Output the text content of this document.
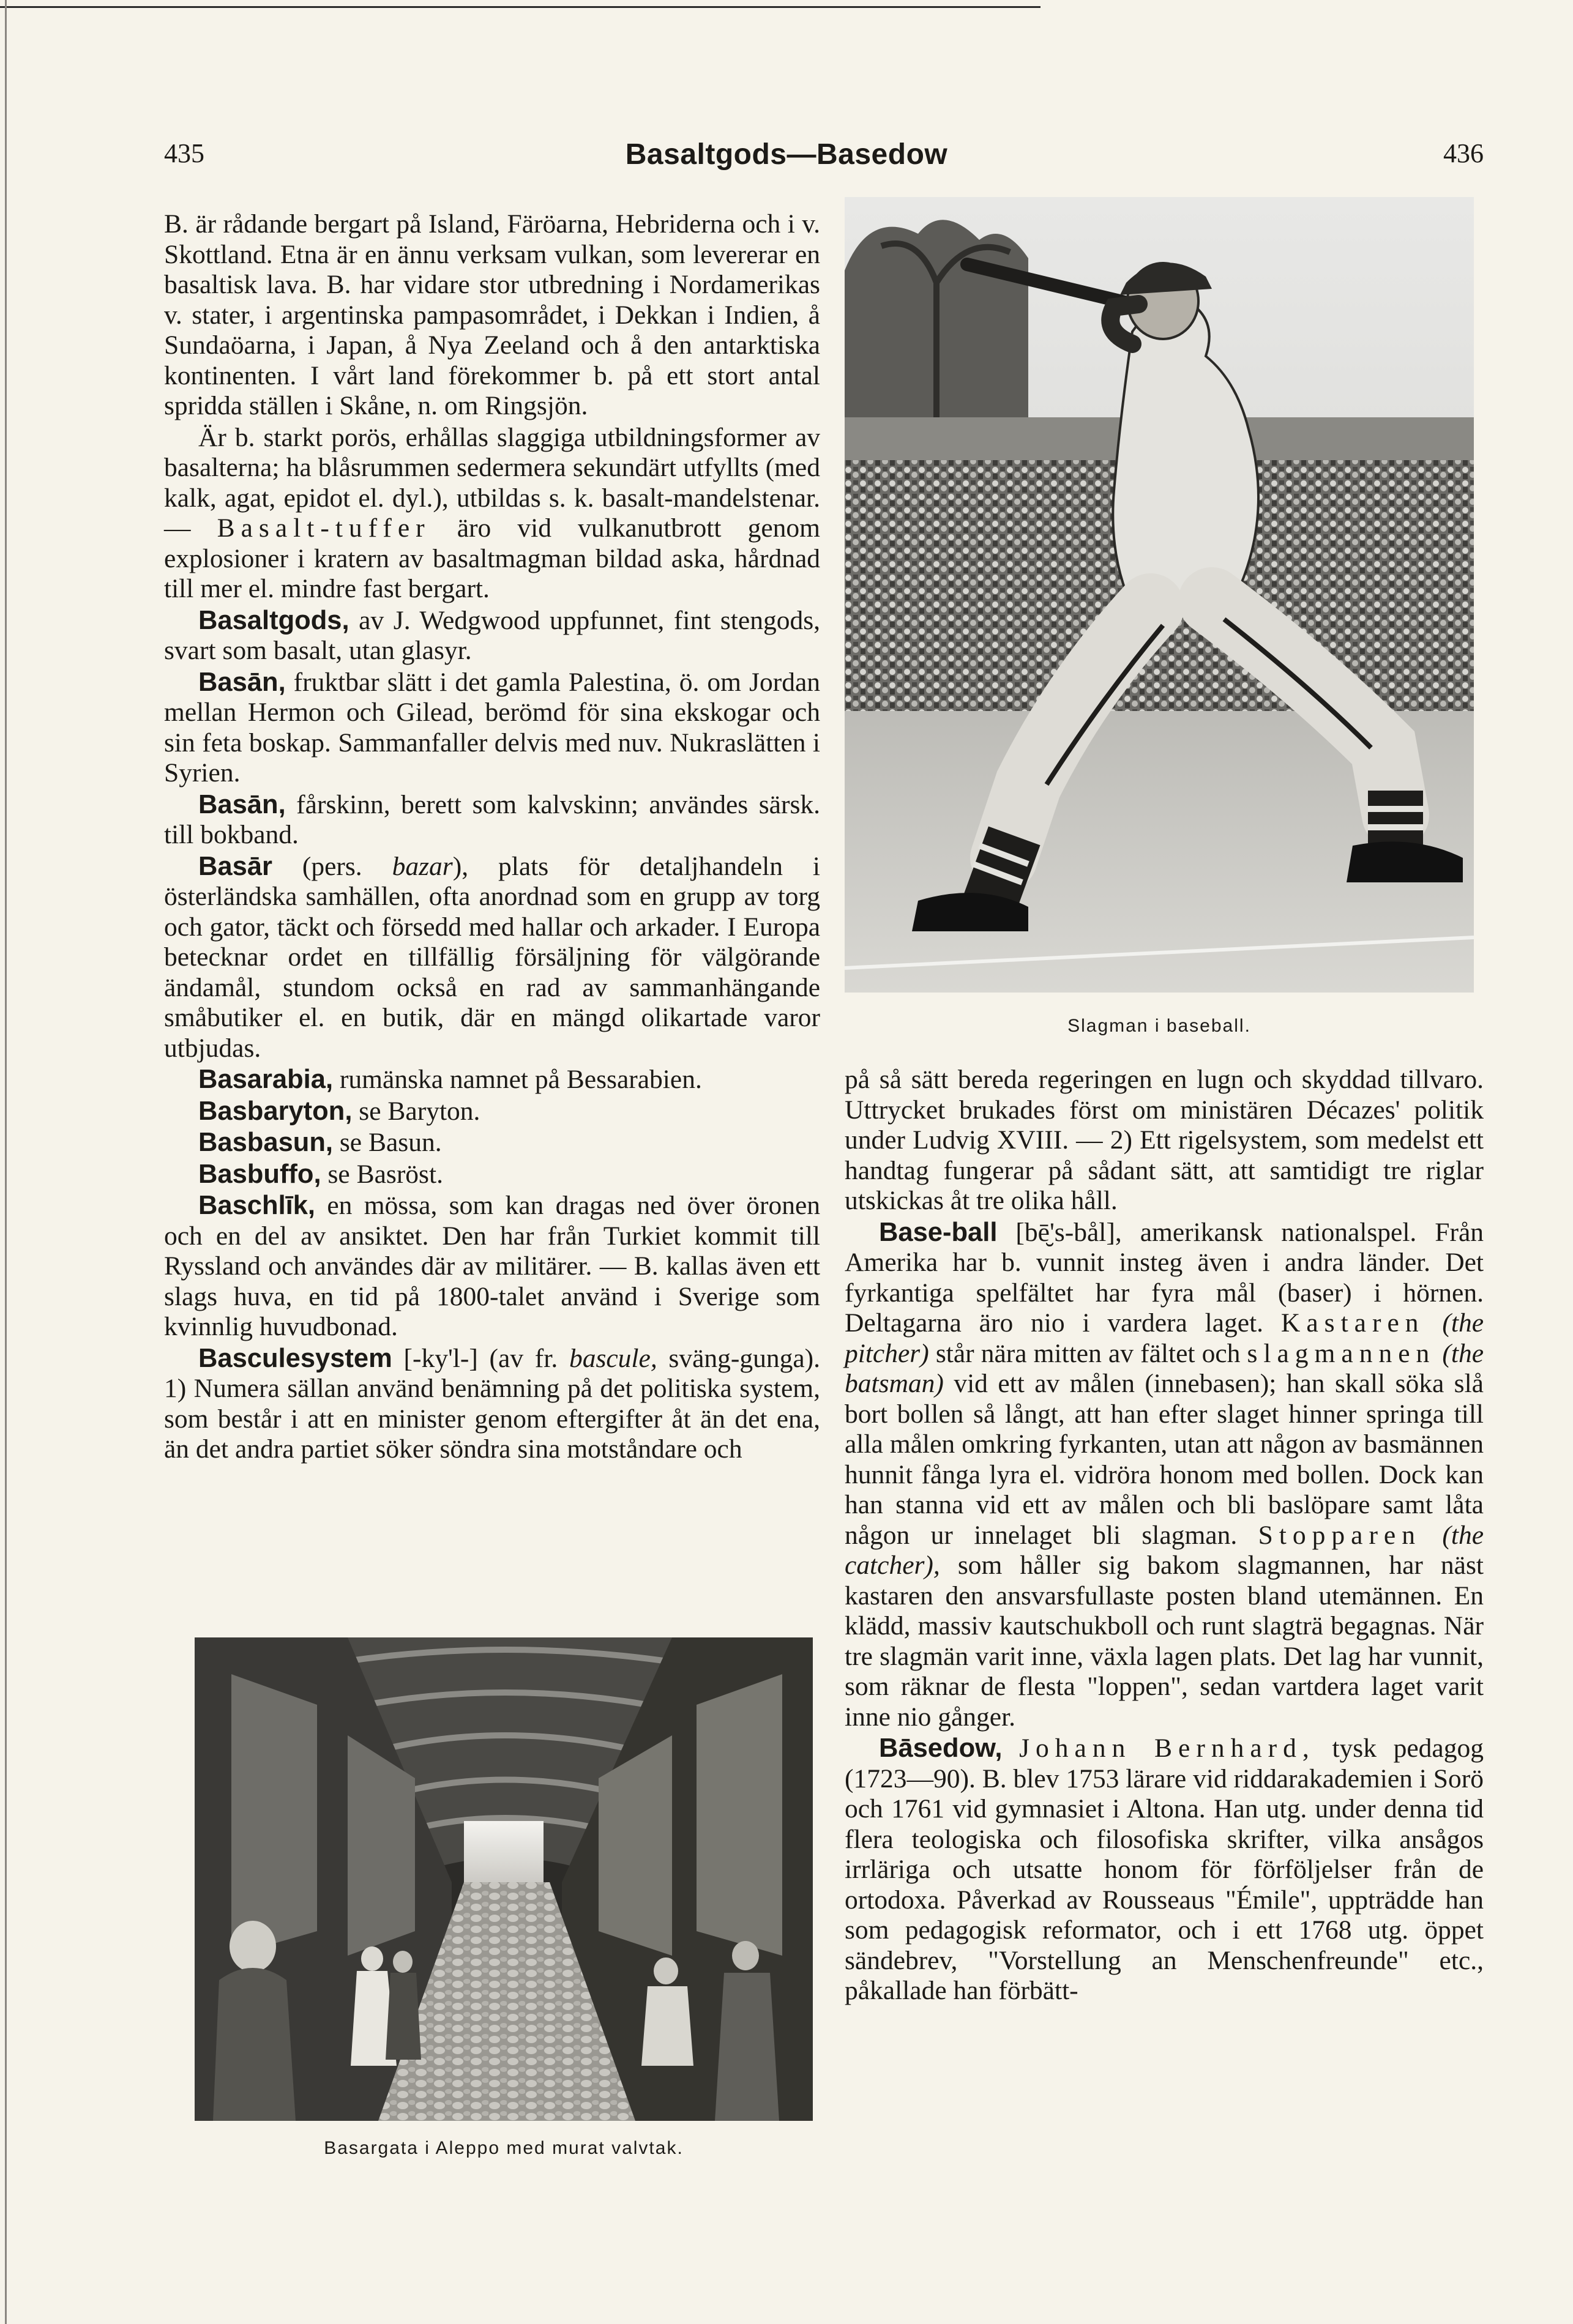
435	Basaltgods—Basedow	436

B. är rådande bergart på Island, Färöarna, Hebriderna och i v. Skottland. Etna är en ännu verksam vulkan, som levererar en basaltisk lava. B. har vidare stor utbredning i Nordamerikas v. stater, i argentinska pampasområdet, i Dekkan i Indien, å Sundaöarna, i Japan, å Nya Zeeland och å den antarktiska kontinenten. I vårt land förekommer b. på ett stort antal spridda ställen i Skåne, n. om Ringsjön.

Är b. starkt porös, erhållas slaggiga utbildningsformer av basalterna; ha blåsrummen sedermera sekundärt utfyllts (med kalk, agat, epidot el. dyl.), utbildas s. k. basalt-mandelstenar. — Basalt-tuffer äro vid vulkanutbrott genom explosioner i kratern av basaltmagman bildad aska, hårdnad till mer el. mindre fast bergart.

Basaltgods, av J. Wedgwood uppfunnet, fint stengods, svart som basalt, utan glasyr.

Basān, fruktbar slätt i det gamla Palestina, ö. om Jordan mellan Hermon och Gilead, berömd för sina ekskogar och sin feta boskap. Sammanfaller delvis med nuv. Nukraslätten i Syrien.

Basān, fårskinn, berett som kalvskinn; användes särsk. till bokband.

Basār (pers. bazar), plats för detaljhandeln i österländska samhällen, ofta anordnad som en grupp av torg och gator, täckt och försedd med hallar och arkader. I Europa betecknar ordet en tillfällig försäljning för välgörande ändamål, stundom också en rad av sammanhängande småbutiker el. en butik, där en mängd olikartade varor utbjudas.

Basarabia, rumänska namnet på Bessarabien.

Basbaryton, se Baryton.

Basbasun, se Basun.

Basbuffo, se Basröst.

Baschlīk, en mössa, som kan dragas ned över öronen och en del av ansiktet. Den har från Turkiet kommit till Ryssland och användes där av militärer. — B. kallas även ett slags huva, en tid på 1800-talet använd i Sverige som kvinnlig huvudbonad.

Basculesystem [-ky'l-] (av fr. bascule, sväng-gunga). 1) Numera sällan använd benämning på det politiska system, som består i att en minister genom eftergifter åt än det ena, än det andra partiet söker söndra sina motståndare och

Slagman i baseball.

på så sätt bereda regeringen en lugn och skyddad tillvaro. Uttrycket brukades först om ministären Décazes' politik under Ludvig XVIII. — 2) Ett rigelsystem, som medelst ett handtag fungerar på sådant sätt, att samtidigt tre riglar utskickas åt tre olika håll.

Base-ball [bē̮'s-bål], amerikansk nationalspel. Från Amerika har b. vunnit insteg även i andra länder. Det fyrkantiga spelfältet har fyra mål (baser) i hörnen. Deltagarna äro nio i vardera laget. Kastaren (the pitcher) står nära mitten av fältet och slagmannen (the batsman) vid ett av målen (innebasen); han skall söka slå bort bollen så långt, att han efter slaget hinner springa till alla målen omkring fyrkanten, utan att någon av basmännen hunnit fånga lyra el. vidröra honom med bollen. Dock kan han stanna vid ett av målen och bli baslöpare samt låta någon ur innelaget bli slagman. Stopparen (the catcher), som håller sig bakom slagmannen, har näst kastaren den ansvarsfullaste posten bland utemännen. En klädd, massiv kautschukboll och runt slagträ begagnas. När tre slagmän varit inne, växla lagen plats. Det lag har vunnit, som räknar de flesta "loppen", sedan vartdera laget varit inne nio gånger.

Bāsedow, Johann Bernhard, tysk pedagog (1723—90). B. blev 1753 lärare vid riddarakademien i Sorö och 1761 vid gymnasiet i Altona. Han utg. under denna tid flera teologiska och filosofiska skrifter, vilka ansågos irrläriga och utsatte honom för förföljelser från de ortodoxa. Påverkad av Rousseaus "Émile", uppträdde han som pedagogisk reformator, och i ett 1768 utg. öppet sändebrev, "Vorstellung an Menschenfreunde" etc., påkallade han förbätt-

Basargata i Aleppo med murat valvtak.
